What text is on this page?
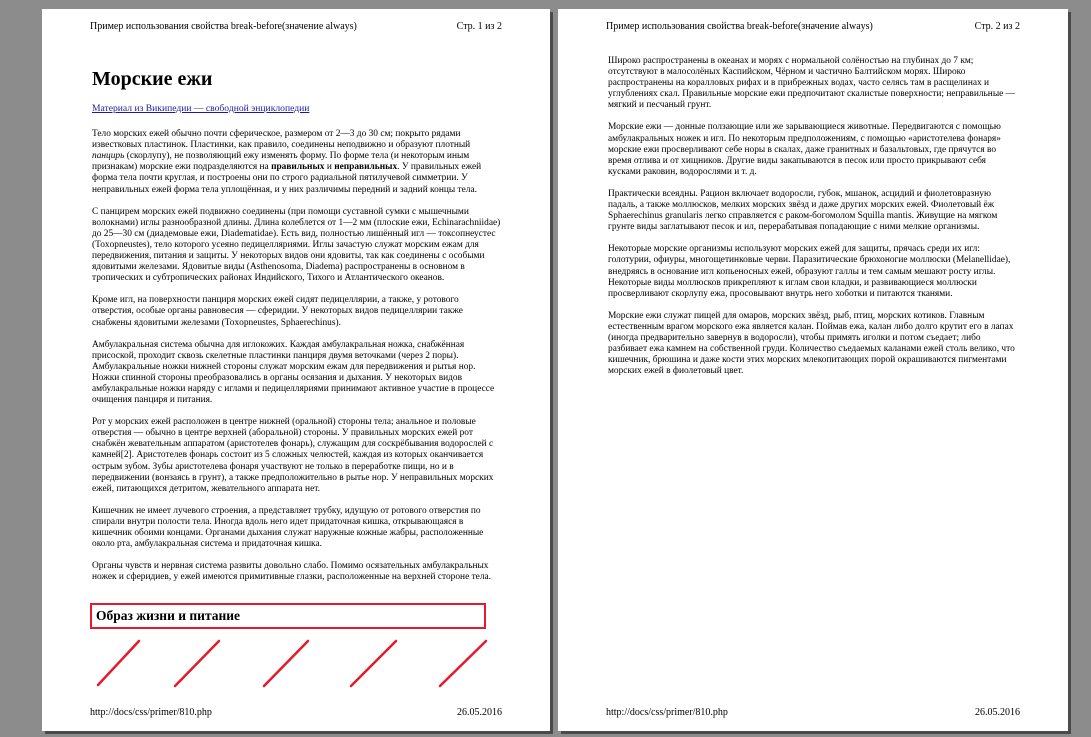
Пример использования свойства break-before(значение always)	Стр. 1 из 2
Морские ежи
Материал из Википедии — свободной энциклопедии

Тело морских ежей обычно почти сферическое, размером от 2—3 до 30 см; покрыто рядами известковых пластинок. Пластинки, как правило, соединены неподвижно и образуют плотный панцирь (скорлупу), не позволяющий ежу изменять форму. По форме тела (и некоторым иным признакам) морские ежи подразделяются на правильных и неправильных. У правильных ежей форма тела почти круглая, и построены они по строго радиальной пятилучевой симметрии. У неправильных ежей форма тела уплощённая, и у них различимы передний и задний концы тела.

С панцирем морских ежей подвижно соединены (при помощи суставной сумки с мышечными волокнами) иглы разнообразной длины. Длина колеблется от 1—2 мм (плоские ежи, Echinarachniidae) до 25—30 см (диадемовые ежи, Diadematidae). Есть вид, полностью лишённый игл — токсопнеустес (Toxopneustes), тело которого усеяно педицелляриями. Иглы зачастую служат морским ежам для передвижения, питания и защиты. У некоторых видов они ядовиты, так как соединены с особыми ядовитыми железами. Ядовитые виды (Asthenosoma, Diadema) распространены в основном в тропических и субтропических районах Индийского, Тихого и Атлантического океанов.

Кроме игл, на поверхности панциря морских ежей сидят педицеллярии, а также, у ротового отверстия, особые органы равновесия — сферидии. У некоторых видов педицеллярии также снабжены ядовитыми железами (Toxopneustes, Sphaerechinus).

Амбулакральная система обычна для иглокожих. Каждая амбулакральная ножка, снабжённая присоской, проходит сквозь скелетные пластинки панциря двумя веточками (через 2 поры). Амбулакральные ножки нижней стороны служат морским ежам для передвижения и рытья нор. Ножки спинной стороны преобразовались в органы осязания и дыхания. У некоторых видов амбулакральные ножки наряду с иглами и педицелляриями принимают активное участие в процессе очищения панциря и питания.

Рот у морских ежей расположен в центре нижней (оральной) стороны тела; анальное и половые отверстия — обычно в центре верхней (аборальной) стороны. У правильных морских ежей рот снабжён жевательным аппаратом (аристотелев фонарь), служащим для соскрёбывания водорослей с камней[2]. Аристотелев фонарь состоит из 5 сложных челюстей, каждая из которых оканчивается острым зубом. Зубы аристотелева фонаря участвуют не только в переработке пищи, но и в передвижении (вонзаясь в грунт), а также предположительно в рытье нор. У неправильных морских ежей, питающихся детритом, жевательного аппарата нет.

Кишечник не имеет лучевого строения, а представляет трубку, идущую от ротового отверстия по спирали внутри полости тела. Иногда вдоль него идет придаточная кишка, открывающаяся в кишечник обоими концами. Органами дыхания служат наружные кожные жабры, расположенные около рта, амбулакральная система и придаточная кишка.

Органы чувств и нервная система развиты довольно слабо. Помимо осязательных амбулакральных ножек и сферидиев, у ежей имеются примитивные глазки, расположенные на верхней стороне тела.

Образ жизни и питание
http://docs/css/primer/810.php	26.05.2016
Пример использования свойства break-before(значение always)	Стр. 2 из 2

Широко распространены в океанах и морях с нормальной солёностью на глубинах до 7 км; отсутствуют в малосолёных Каспийском, Чёрном и частично Балтийском морях. Широко распространены на коралловых рифах и в прибрежных водах, часто селясь там в расщелинах и углублениях скал. Правильные морские ежи предпочитают скалистые поверхности; неправильные — мягкий и песчаный грунт.

Морские ежи — донные ползающие или же зарывающиеся животные. Передвигаются с помощью амбулакральных ножек и игл. По некоторым предположениям, с помощью «аристотелева фонаря» морские ежи просверливают себе норы в скалах, даже гранитных и базальтовых, где прячутся во время отлива и от хищников. Другие виды закапываются в песок или просто прикрывают себя кусками раковин, водорослями и т. д.

Практически всеядны. Рацион включает водоросли, губок, мшанок, асцидий и фиолетовразную падаль, а также моллюсков, мелких морских звёзд и даже других морских ежей. Фиолетовый ёж Sphaerechinus granularis легко справляется с раком-богомолом Squilla mantis. Живущие на мягком грунте виды заглатывают песок и ил, перерабатывая попадающие с ними мелкие организмы.

Некоторые морские организмы используют морских ежей для защиты, прячась среди их игл: голотурии, офиуры, многощетинковые черви. Паразитические брюхоногие моллюски (Melanellidae), внедряясь в основание игл копьеносных ежей, образуют галлы и тем самым мешают росту иглы. Некоторые виды моллюсков прикрепляют к иглам свои кладки, и развивающиеся моллюски просверливают скорлупу ежа, просовывают внутрь него хоботки и питаются тканями.

Морские ежи служат пищей для омаров, морских звёзд, рыб, птиц, морских котиков. Главным естественным врагом морского ежа является калан. Поймав ежа, калан либо долго крутит его в лапах (иногда предварительно завернув в водоросли), чтобы примять иголки и потом съедает; либо разбивает ежа камнем на собственной груди. Количество съедаемых каланами ежей столь велико, что кишечник, брюшина и даже кости этих морских млекопитающих порой окрашиваются пигментами морских ежей в фиолетовый цвет.

http://docs/css/primer/810.php	26.05.2016
